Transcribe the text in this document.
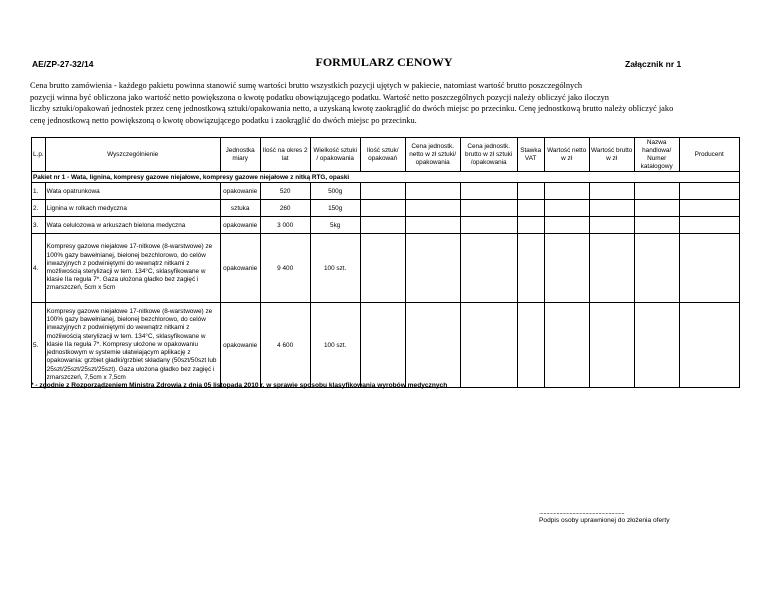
AE/ZP-27-32/14	FORMULARZ CENOWY	Załącznik nr 1
Cena brutto zamówienia - każdego pakietu powinna stanowić sumę wartości brutto wszystkich pozycji ujętych w pakiecie, natomiast wartość brutto poszczególnych
pozycji winna być obliczona jako wartość netto powiększona o kwotę podatku obowiązującego podatku. Wartość netto poszczególnych pozycji należy obliczyć jako iloczyn
liczby sztuki/opakowań jednostek przez cenę jednostkową sztuki/opakowania netto, a uzyskaną kwotę zaokrąglić do dwóch miejsc po przecinku. Cenę jednostkową brutto należy obliczyć jako
cenę jednostkową netto powiększoną o kwotę obowiązującego podatku i zaokrąglić do dwóch miejsc po przecinku.
L.p.	Wyszczególnienie	Jednostka miary	Ilość na okres 2 lat	Wielkość sztuki / opakowania	Ilość sztuk/ opakowań	Cena jednostk. netto w zł sztuki/ opakowania	Cena jednostk. brutto w zł sztuki /opakowania	Stawka VAT	Wartość netto w zł	Wartość brutto w zł	Nazwa handlowa/ Numer katalogowy	Producent
Pakiet nr 1 - Wata, lignina, kompresy gazowe niejałowe, kompresy gazowe niejałowe z nitką RTG, opaski												
1.	Wata opatrunkowa	opakowanie	520	500g								
2.	Lignina w rolkach medyczna	sztuka	260	150g								
3.	Wata celulozowa w arkuszach bielona medyczna	opakowanie	3 000	5kg								
4.	Kompresy gazowe niejałowe 17-nitkowe (8-warstwowe) ze 100% gazy bawełnianej, bielonej bezchlorowo, do celów inwazyjnych z podwiniętymi do wewnątrz nitkami z możliwością sterylizacji w tem. 134°C, sklasyfikowane w klasie IIa reguła 7*. Gaza ułożona gładko bez zagięć i zmarszczeń, 5cm x 5cm	opakowanie	9 400	100 szt.								
5.	Kompresy gazowe niejałowe 17-nitkowe (8-warstwowe) ze 100% gazy bawełnianej, bielonej bezchlorowo, do celów inwazyjnych z podwiniętymi do wewnątrz nitkami z możliwością sterylizacji w tem. 134°C, sklasyfikowane w klasie IIa reguła 7*. Kompresy ułożone w opakowaniu jednostkowym w systemie ułatwiającym aplikację z opakowania: grzbiet gładki/grzbiet składany (50szt/50szt lub 25szt/25szt/25szt/25szt). Gaza ułożona gładko bez zagięć i zmarszczeń, 7,5cm x 7,5cm	opakowanie	4 600	100 szt.								
* - zgodnie z Rozporządzeniem Ministra Zdrowia z dnia 05 listopada 2010 r. w sprawie sposobu klasyfikowania wyrobów medycznych
...........................................................
Podpis osoby uprawnionej do złożenia oferty
